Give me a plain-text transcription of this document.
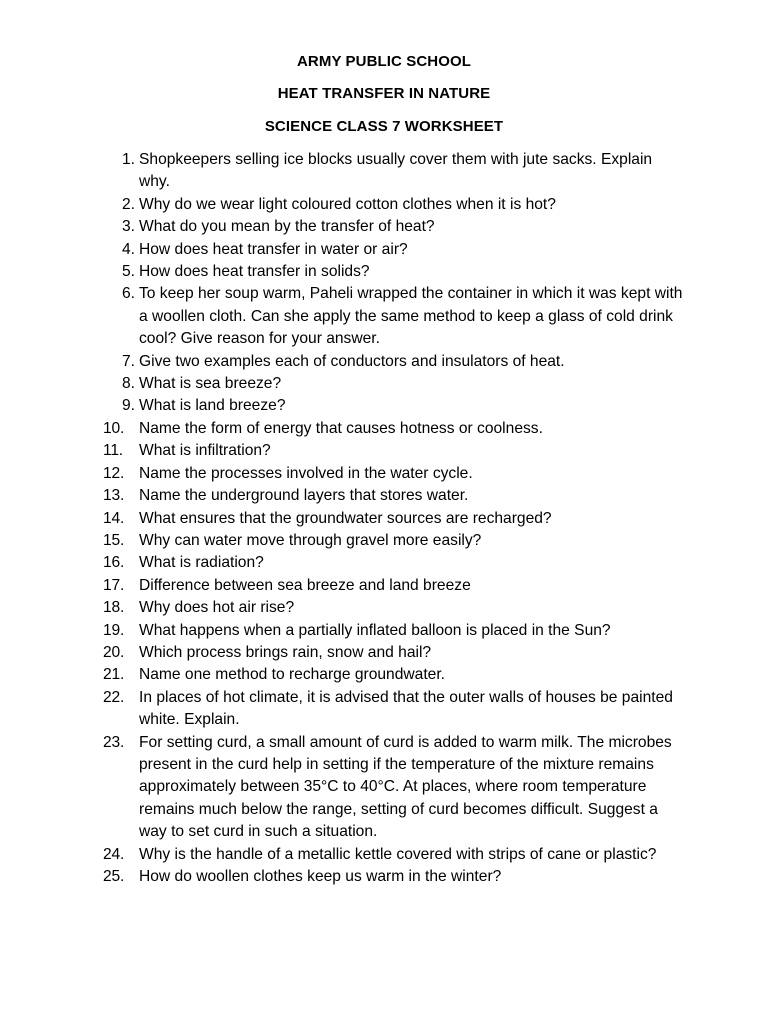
ARMY PUBLIC SCHOOL
HEAT TRANSFER IN NATURE
SCIENCE CLASS 7 WORKSHEET
1. Shopkeepers selling ice blocks usually cover them with jute sacks. Explain why.
2. Why do we wear light coloured cotton clothes when it is hot?
3. What do you mean by the transfer of heat?
4. How does heat transfer in water or air?
5. How does heat transfer in solids?
6. To keep her soup warm, Paheli wrapped the container in which it was kept with a woollen cloth. Can she apply the same method to keep a glass of cold drink cool? Give reason for your answer.
7. Give two examples each of conductors and insulators of heat.
8. What is sea breeze?
9. What is land breeze?
10. Name the form of energy that causes hotness or coolness.
11.	What is infiltration?
12. Name the processes involved in the water cycle.
13. Name the underground layers that stores water.
14. What ensures that the groundwater sources are recharged?
15. Why can water move through gravel more easily?
16. What is radiation?
17. Difference between sea breeze and land breeze
18. Why does hot air rise?
19. What happens when a partially inflated balloon is placed in the Sun?
20. Which process brings rain, snow and hail?
21. Name one method to recharge groundwater.
22. In places of hot climate, it is advised that the outer walls of houses be painted white. Explain.
23. For setting curd, a small amount of curd is added to warm milk. The microbes present in the curd help in setting if the temperature of the mixture remains approximately between 35°C to 40°C. At places, where room temperature remains much below the range, setting of curd becomes difficult. Suggest a way to set curd in such a situation.
24. Why is the handle of a metallic kettle covered with strips of cane or plastic?
25. How do woollen clothes keep us warm in the winter?
